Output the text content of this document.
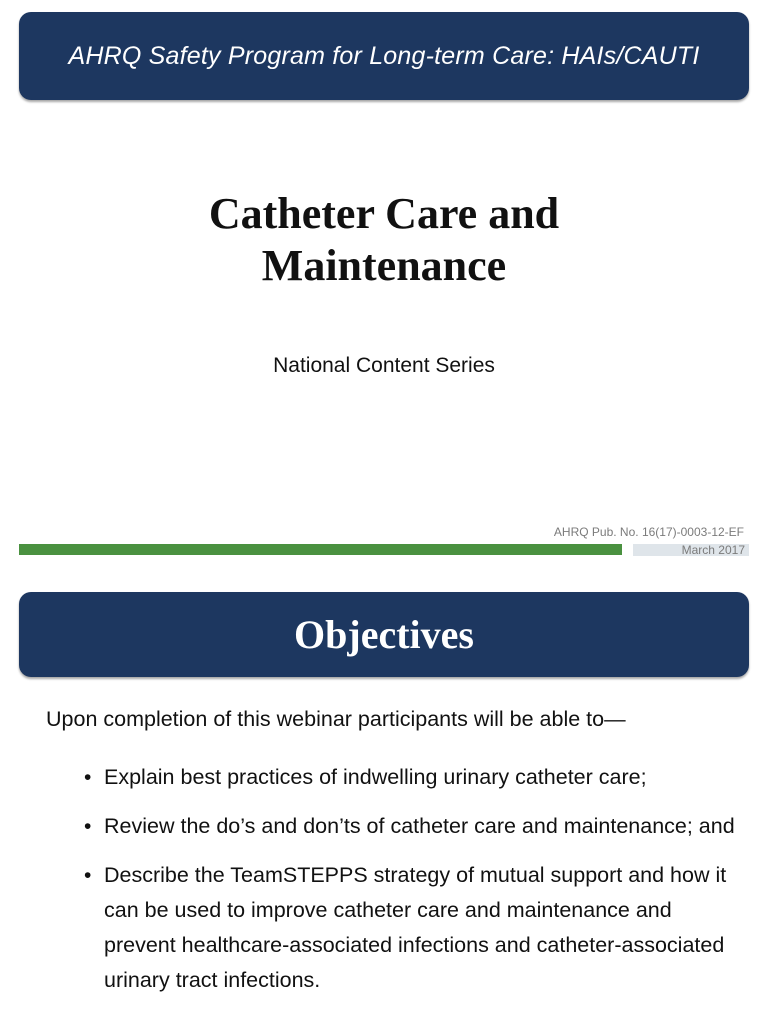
AHRQ Safety Program for Long-term Care: HAIs/CAUTI
Catheter Care and
Maintenance
National Content Series
AHRQ Pub. No. 16(17)-0003-12-EF
March 2017
Objectives
Upon completion of this webinar participants will be able to—
• Explain best practices of indwelling urinary catheter care;
• Review the do’s and don’ts of catheter care and maintenance; and
• Describe the TeamSTEPPS strategy of mutual support and how it can be used to improve catheter care and maintenance and prevent healthcare-associated infections and catheter-associated urinary tract infections.
